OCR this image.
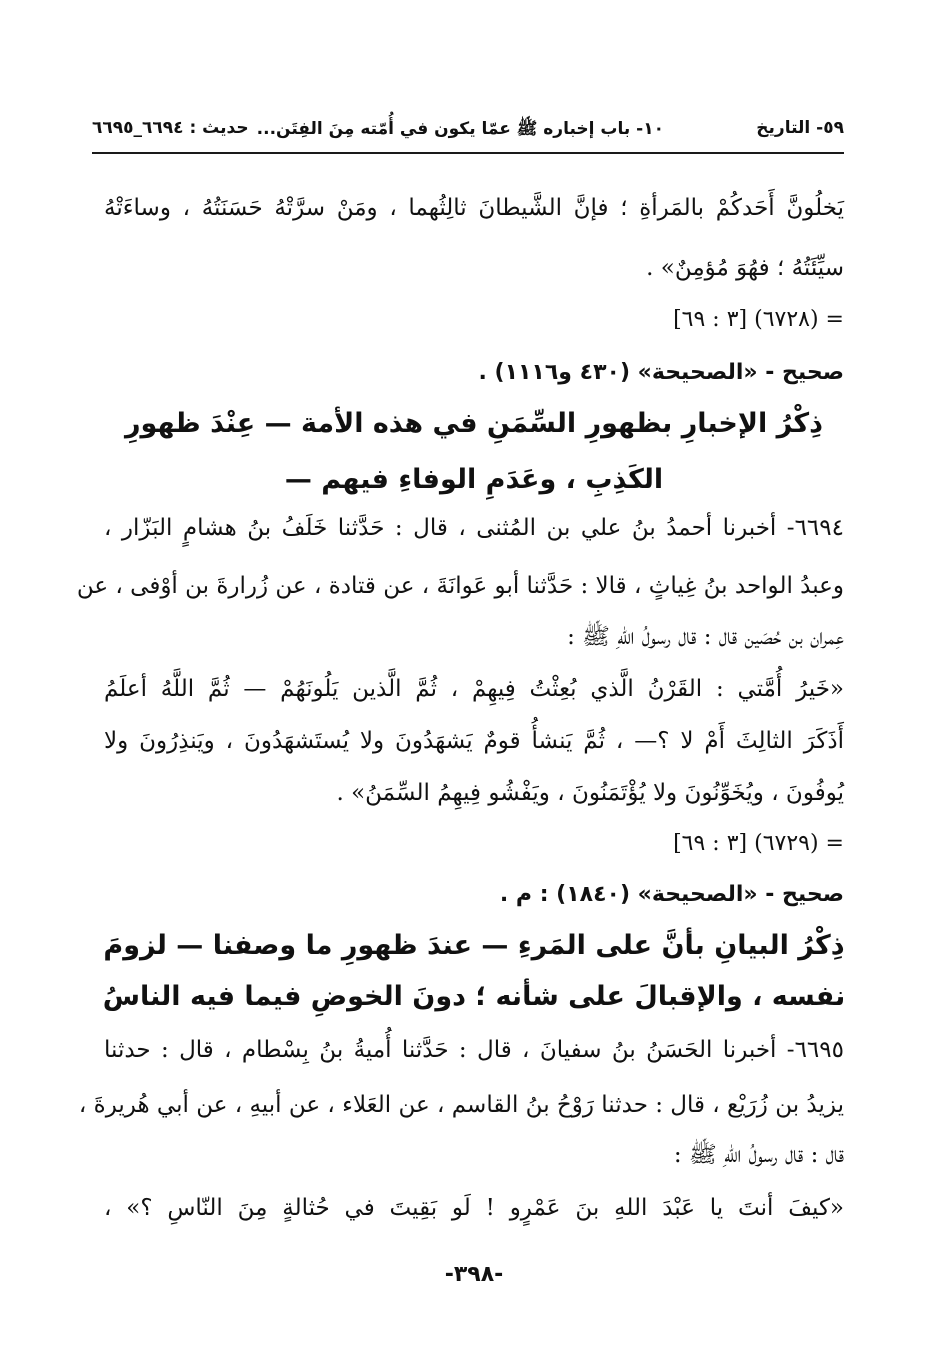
٥٩- التاريخ
١٠- باب إخباره ﷺ عمّا يكون في أُمّته مِنَ الفِتَن...
حديث : ٦٦٩٤_٦٦٩٥
يَخلُونَّ أَحَدكُمْ بالمَرأةِ ؛ فإنَّ الشَّيطانَ ثالِثُهما ، ومَنْ سرَّتْهُ حَسَنَتُهُ ، وساءَتْهُ
سيِّئَتُهُ ؛ فهُوَ مُؤمِنٌ» .
= (٦٧٢٨) [٣ : ٦٩]
صحيح - «الصحيحة» (٤٣٠ و١١١٦) .
ذِكْرُ الإخبارِ بظهورِ السِّمَنِ في هذه الأمة — عِنْدَ ظهورِ
الكَذِبِ ، وعَدَمِ الوفاءِ فيهم —
٦٦٩٤- أخبرنا أحمدُ بنُ علي بن المُثنى ، قال : حَدَّثنا خَلَفُ بنُ هشامٍ البَزّار ،
وعبدُ الواحد بنُ غِياثٍ ، قالا : حَدَّثنا أبو عَوانَةَ ، عن قتادة ، عن زُرارةَ بن أوْفى ، عن
عِمران بن حُصَين قال : قال رسولُ اللهِ ﷺ :
«خَيرُ أُمَّتي : القَرْنُ الَّذي بُعِثْتُ فِيهِمْ ، ثُمَّ الَّذين يَلُونَهُمْ — ثُمَّ اللَّهُ أعلَمُ
أَذَكَرَ الثالِثَ أَمْ لا ؟— ، ثُمَّ يَنشأُ قومٌ يَشهَدُونَ ولا يُستَشهَدُونَ ، ويَنذِرُونَ ولا
يُوفُونَ ، ويُخَوِّنُونَ ولا يُؤْتَمَنُونَ ، ويَفْشُو فِيهِمُ السِّمَنُ» .
= (٦٧٢٩) [٣ : ٦٩]
صحيح - «الصحيحة» (١٨٤٠) : م .
ذِكْرُ البيانِ بأنَّ على المَرءِ — عندَ ظهورِ ما وصفنا — لزومَ
نفسه ، والإقبالَ على شأنه ؛ دونَ الخوضِ فيما فيه الناسُ
٦٦٩٥- أخبرنا الحَسَنُ بنُ سفيانَ ، قال : حَدَّثنا أُميةُ بنُ بِسْطام ، قال : حدثنا
يزيدُ بن زُرَيْع ، قال : حدثنا رَوْحُ بنُ القاسم ، عن العَلاء ، عن أبيهِ ، عن أبي هُريرةَ ،
قال : قال رسولُ اللهِ ﷺ :
«كيفَ أنتَ يا عَبْدَ اللهِ بنَ عَمْرٍو ! لَو بَقِيتَ في حُثالةٍ مِنَ النّاسِ ؟» ،
-٣٩٨-
